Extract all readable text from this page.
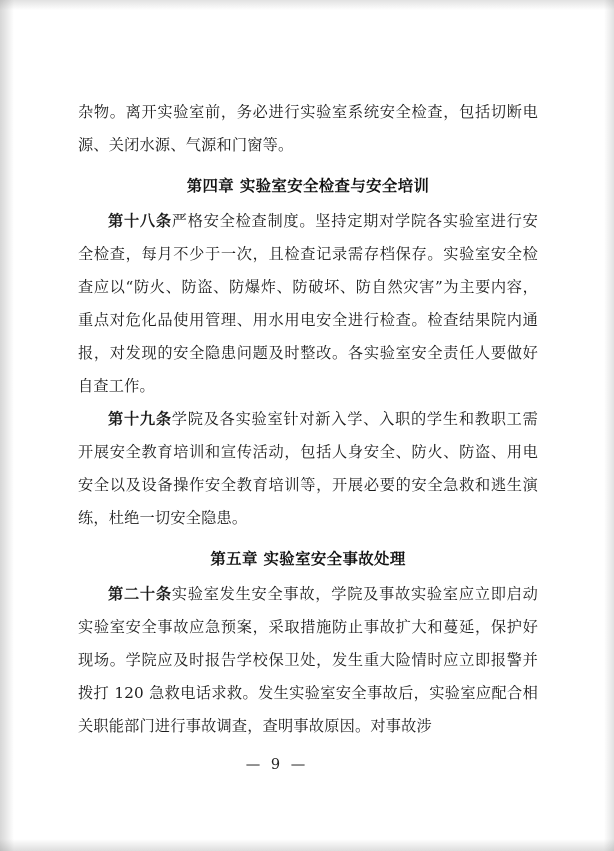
杂物。离开实验室前，务必进行实验室系统安全检查，包括切断电源、关闭水源、气源和门窗等。

第四章 实验室安全检查与安全培训

第十八条严格安全检查制度。坚持定期对学院各实验室进行安全检查，每月不少于一次，且检查记录需存档保存。实验室安全检查应以“防火、防盗、防爆炸、防破坏、防自然灾害”为主要内容，重点对危化品使用管理、用水用电安全进行检查。检查结果院内通报，对发现的安全隐患问题及时整改。各实验室安全责任人要做好自查工作。

第十九条学院及各实验室针对新入学、入职的学生和教职工需开展安全教育培训和宣传活动，包括人身安全、防火、防盗、用电安全以及设备操作安全教育培训等，开展必要的安全急救和逃生演练，杜绝一切安全隐患。

第五章 实验室安全事故处理

第二十条实验室发生安全事故，学院及事故实验室应立即启动实验室安全事故应急预案，采取措施防止事故扩大和蔓延，保护好现场。学院应及时报告学校保卫处，发生重大险情时应立即报警并拨打 120 急救电话求救。发生实验室安全事故后，实验室应配合相关职能部门进行事故调查，查明事故原因。对事故涉

— 9 —
